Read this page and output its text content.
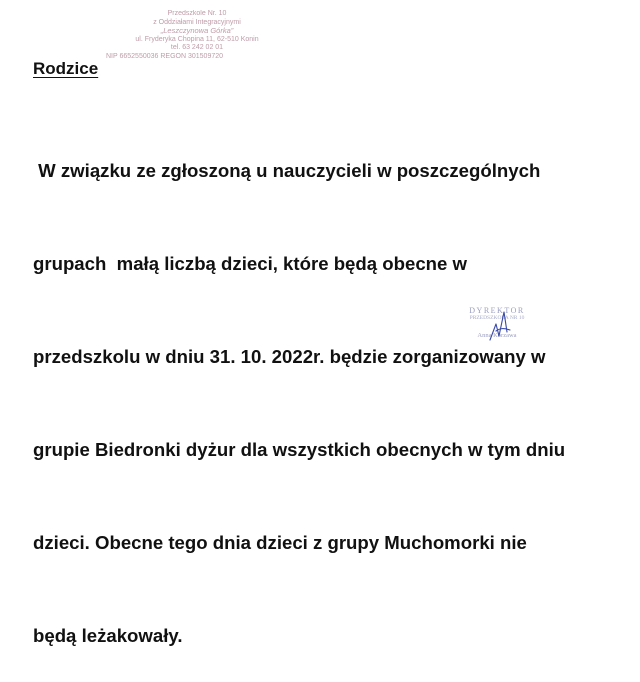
Przedszkole Nr. 10
z Oddziałami Integracyjnymi
„Leszczynowa Górka”
ul. Fryderyka Chopina 11, 62-510 Konin
tel. 63 242 02 01
NIP 6652550036 REGON 301509720
Rodzice

W związku ze zgłoszoną u nauczycieli w poszczególnych

grupach  małą liczbą dzieci, które będą obecne w

przedszkolu w dniu 31. 10. 2022r. będzie zorganizowany w

grupie Biedronki dyżur dla wszystkich obecnych w tym dniu

dzieci. Obecne tego dnia dzieci z grupy Muchomorki nie

będą leżakowały.

DYREKTOR
PRZEDSZKOLA NR 10
Anna Korzawa
